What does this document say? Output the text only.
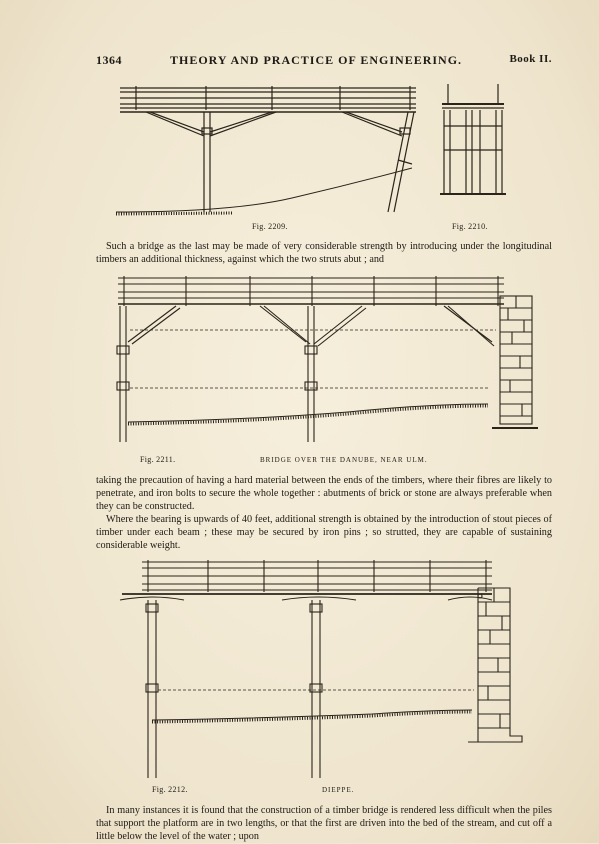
1364	THEORY AND PRACTICE OF ENGINEERING.	Book II.
Fig. 2209.	Fig. 2210.

Such a bridge as the last may be made of very considerable strength by introducing under the longitudinal timbers an additional thickness, against which the two struts abut ; and

Fig. 2211.	BRIDGE OVER THE DANUBE, NEAR ULM.

taking the precaution of having a hard material between the ends of the timbers, where their fibres are likely to penetrate, and iron bolts to secure the whole together : abutments of brick or stone are always preferable when they can be constructed.

Where the bearing is upwards of 40 feet, additional strength is obtained by the introduction of stout pieces of timber under each beam ; these may be secured by iron pins ; so strutted, they are capable of sustaining considerable weight.

Fig. 2212.	DIEPPE.

In many instances it is found that the construction of a timber bridge is rendered less difficult when the piles that support the platform are in two lengths, or that the first are driven into the bed of the stream, and cut off a little below the level of the water ; upon
